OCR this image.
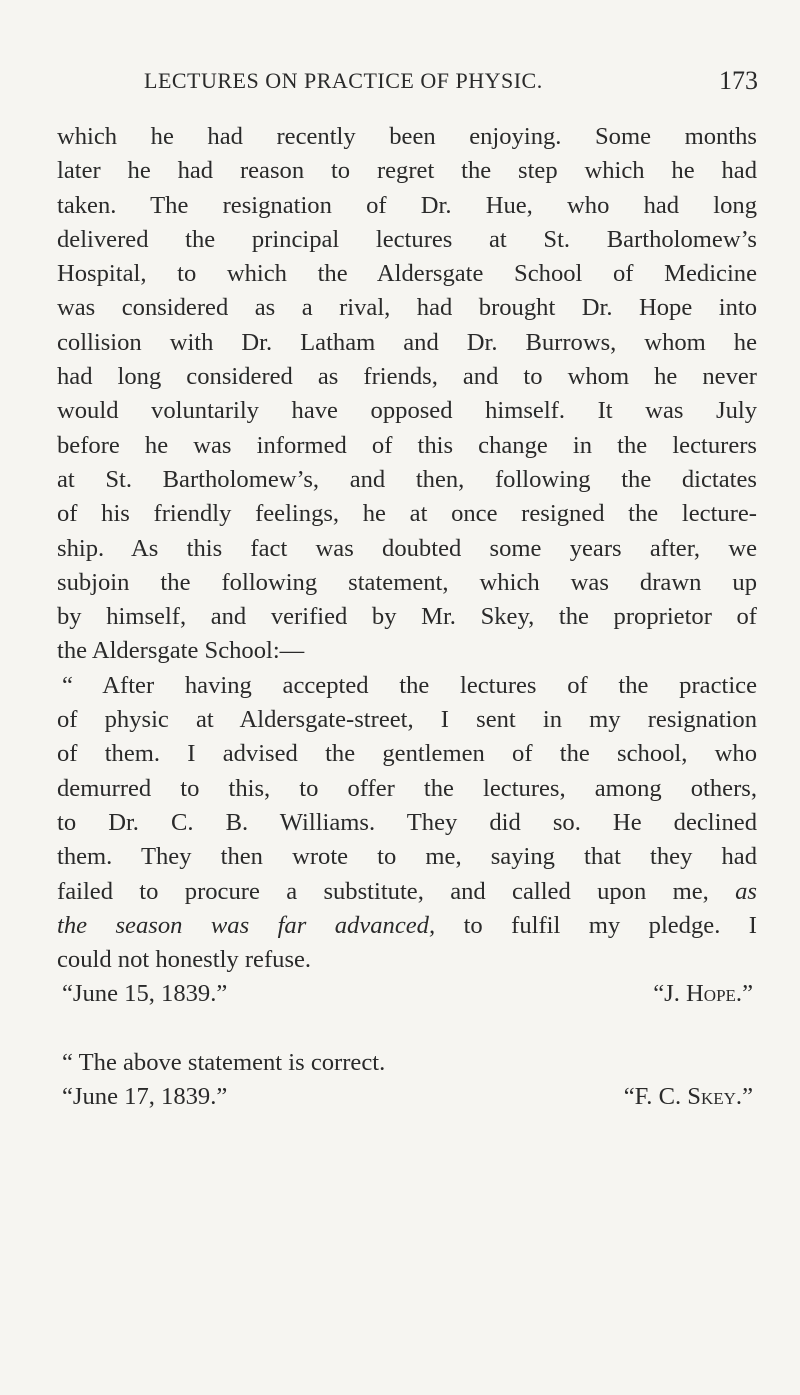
LECTURES ON PRACTICE OF PHYSIC.	173
which he had recently been enjoying. Some months
later he had reason to regret the step which he had
taken. The resignation of Dr. Hue, who had long
delivered the principal lectures at St. Bartholomew’s
Hospital, to which the Aldersgate School of Medicine
was considered as a rival, had brought Dr. Hope into
collision with Dr. Latham and Dr. Burrows, whom he
had long considered as friends, and to whom he never
would voluntarily have opposed himself. It was July
before he was informed of this change in the lecturers
at St. Bartholomew’s, and then, following the dictates
of his friendly feelings, he at once resigned the lecture-
ship. As this fact was doubted some years after, we
subjoin the following statement, which was drawn up
by himself, and verified by Mr. Skey, the proprietor of
the Aldersgate School:—
“ After having accepted the lectures of the practice
of physic at Aldersgate-street, I sent in my resignation
of them. I advised the gentlemen of the school, who
demurred to this, to offer the lectures, among others,
to Dr. C. B. Williams. They did so. He declined
them. They then wrote to me, saying that they had
failed to procure a substitute, and called upon me, as
the season was far advanced, to fulfil my pledge. I
could not honestly refuse.
“June 15, 1839.”	“J. Hope.”
“ The above statement is correct.
“June 17, 1839.”	“F. C. Skey.”
